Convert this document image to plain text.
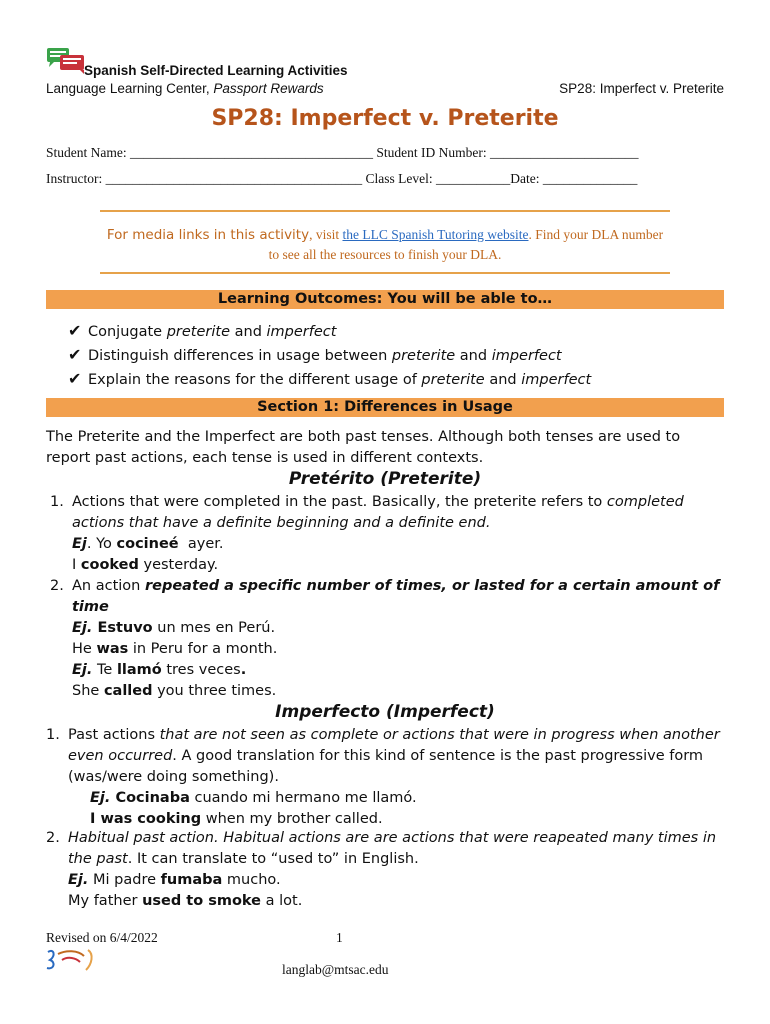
Spanish Self-Directed Learning Activities
Language Learning Center, Passport Rewards	SP28: Imperfect v. Preterite
SP28: Imperfect v. Preterite
Student Name: ____________________________________ Student ID Number: ______________________
Instructor: ______________________________________ Class Level: ___________Date: ______________
For media links in this activity, visit the LLC Spanish Tutoring website. Find your DLA number to see all the resources to finish your DLA.
Learning Outcomes: You will be able to…
✔ Conjugate preterite and imperfect
✔ Distinguish differences in usage between preterite and imperfect
✔ Explain the reasons for the different usage of preterite and imperfect
Section 1: Differences in Usage
The Preterite and the Imperfect are both past tenses. Although both tenses are used to report past actions, each tense is used in different contexts.
Pretérito (Preterite)
1. Actions that were completed in the past. Basically, the preterite refers to completed actions that have a definite beginning and a definite end.
Ej. Yo cocineé  ayer.
I cooked yesterday.
2. An action repeated a specific number of times, or lasted for a certain amount of time
Ej. Estuvo un mes en Perú.
He was in Peru for a month.
Ej. Te llamó tres veces.
She called you three times.
Imperfecto (Imperfect)
1. Past actions that are not seen as complete or actions that were in progress when another even occurred. A good translation for this kind of sentence is the past progressive form (was/were doing something).
Ej. Cocinaba cuando mi hermano me llamó.
I was cooking when my brother called.
2. Habitual past action. Habitual actions are are actions that were reapeated many times in the past. It can translate to “used to” in English.
Ej. Mi padre fumaba mucho.
My father used to smoke a lot.
Revised on 6/4/2022	1
langlab@mtsac.edu
